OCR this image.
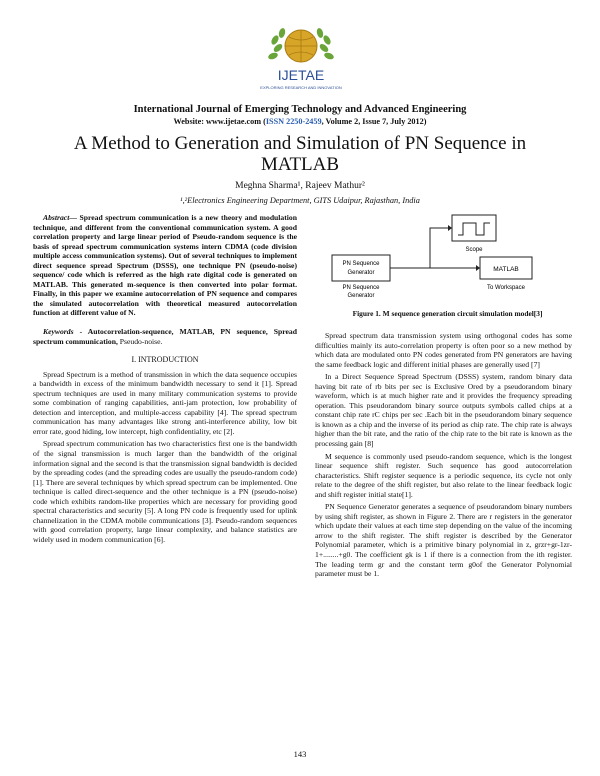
IJETAE
EXPLORING RESEARCH AND INNOVATION
International Journal of Emerging Technology and Advanced Engineering
Website: www.ijetae.com (ISSN 2250-2459, Volume 2, Issue 7, July 2012)
A Method to Generation and Simulation of PN Sequence in MATLAB
Meghna Sharma¹, Rajeev Mathur²
¹,²Electronics Engineering Department, GITS Udaipur, Rajasthan, India

Abstract— Spread spectrum communication is a new theory and modulation technique, and different from the conventional communication system. A good correlation property and large linear period of Pseudo-random sequence is the basis of spread spectrum communication systems intern CDMA (code division multiple access communication systems). Out of several techniques to implement direct sequence spread Spectrum (DSSS), one technique PN (pseudo-noise) sequence/ code which is referred as the high rate digital code is generated on MATLAB. This generated m-sequence is then converted into polar format. Finally, in this paper we examine autocorrelation of PN sequence and compares the simulated autocorrelation with theoretical measured autocorrelation function at different value of N.

Keywords - Autocorrelation-sequence, MATLAB, PN sequence, Spread spectrum communication, Pseudo-noise.

I. INTRODUCTION

Spread Spectrum is a method of transmission in which the data sequence occupies a bandwidth in excess of the minimum bandwidth necessary to send it [1]. Spread spectrum techniques are used in many military communication systems to provide some combination of ranging capabilities, anti-jam protection, low probability of detection and interception, and multiple-access capability [4]. The spread spectrum communication has many advantages like strong anti-interference ability, low bit error rate, good hiding, low intercept, high confidentiality, etc [2].

Spread spectrum communication has two characteristics first one is the bandwidth of the signal transmission is much larger than the bandwidth of the original information signal and the second is that the transmission signal bandwidth is decided by the spreading codes (and the spreading codes are usually the pseudo-random code) [1]. There are several techniques by which spread spectrum can be implemented. One technique is called direct-sequence and the other technique is a PN (pseudo-noise) code which exhibits random-like properties which are necessary for providing good spectral characteristics and security [5]. A long PN code is frequently used for uplink channelization in the CDMA mobile communications [3]. Pseudo-random sequences with good correlation property, large linear complexity, and balance statistics are widely used in modern communication [6].

PN Sequence
Generator
PN Sequence
Generator
Scope
MATLAB
To Workspace
Figure 1. M sequence generation circuit simulation model[3]

Spread spectrum data transmission system using orthogonal codes has some difficulties mainly its auto-correlation property is often poor so a new method by which data are modulated onto PN codes generated from PN generators are having the same feedback logic and different initial phases are generally used [7]

In a Direct Sequence Spread Spectrum (DSSS) system, random binary data having bit rate of rb bits per sec is Exclusive Ored by a pseudorandom binary waveform, which is at much higher rate and it provides the frequency spreading operation. This pseudorandom binary source outputs symbols called chips at a constant chip rate rC chips per sec .Each bit in the pseudorandom binary sequence is known as a chip and the inverse of its period as chip rate. The chip rate is always higher than the bit rate, and the ratio of the chip rate to the bit rate is known as the processing gain [8]

M sequence is commonly used pseudo-random sequence, which is the longest linear sequence shift register. Such sequence has good autocorrelation characteristics. Shift register sequence is a periodic sequence, its cycle not only relate to the degree of the shift register, but also relate to the linear feedback logic and shift register initial state[1].

PN Sequence Generator generates a sequence of pseudorandom binary numbers by using shift register, as shown in Figure 2. There are r registers in the generator which update their values at each time step depending on the value of the incoming arrow to the shift register. The shift register is described by the Generator Polynomial parameter, which is a primitive binary polynomial in z, grzr+gr-1zr-1+........+g0. The coefficient gk is 1 if there is a connection from the ith register. The leading term gr and the constant term g0of the Generator Polynomial parameter must be 1.

143
